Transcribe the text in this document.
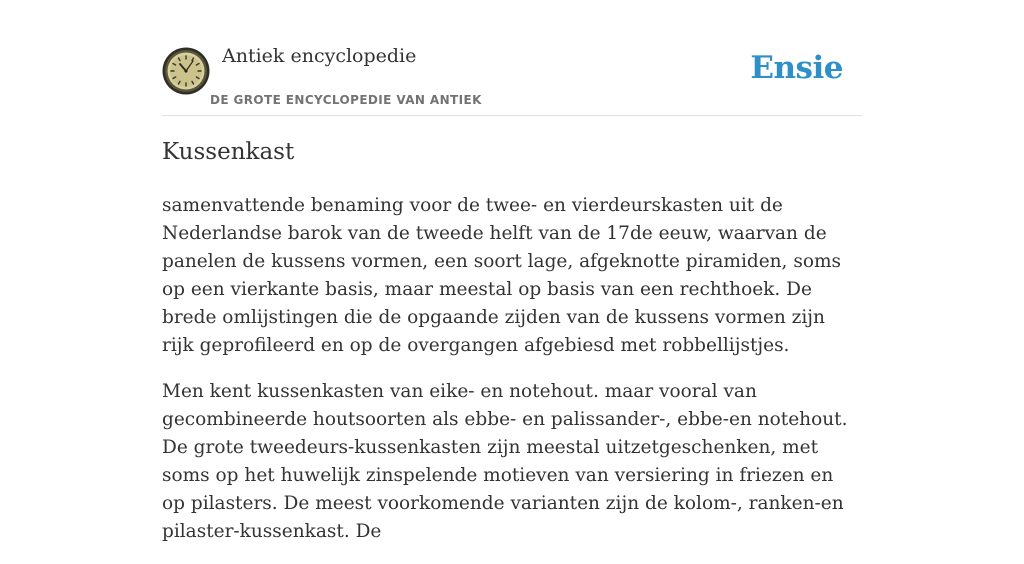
Antiek encyclopedie
DE GROTE ENCYCLOPEDIE VAN ANTIEK
Ensie
Kussenkast

samenvattende benaming voor de twee- en vierdeurskasten uit de Nederlandse barok van de tweede helft van de 17de eeuw, waarvan de panelen de kussens vormen, een soort lage, afgeknotte piramiden, soms op een vierkante basis, maar meestal op basis van een rechthoek. De brede omlijstingen die de opgaande zijden van de kussens vormen zijn rijk geprofileerd en op de overgangen afgebiesd met robbellijstjes.

Men kent kussenkasten van eike- en notehout. maar vooral van gecombineerde houtsoorten als ebbe- en palissander-, ebbe-en notehout. De grote tweedeurs-kussenkasten zijn meestal uitzetgeschenken, met soms op het huwelijk zinspelende motieven van versiering in friezen en op pilasters. De meest voorkomende varianten zijn de kolom-, ranken-en pilaster-kussenkast. De
